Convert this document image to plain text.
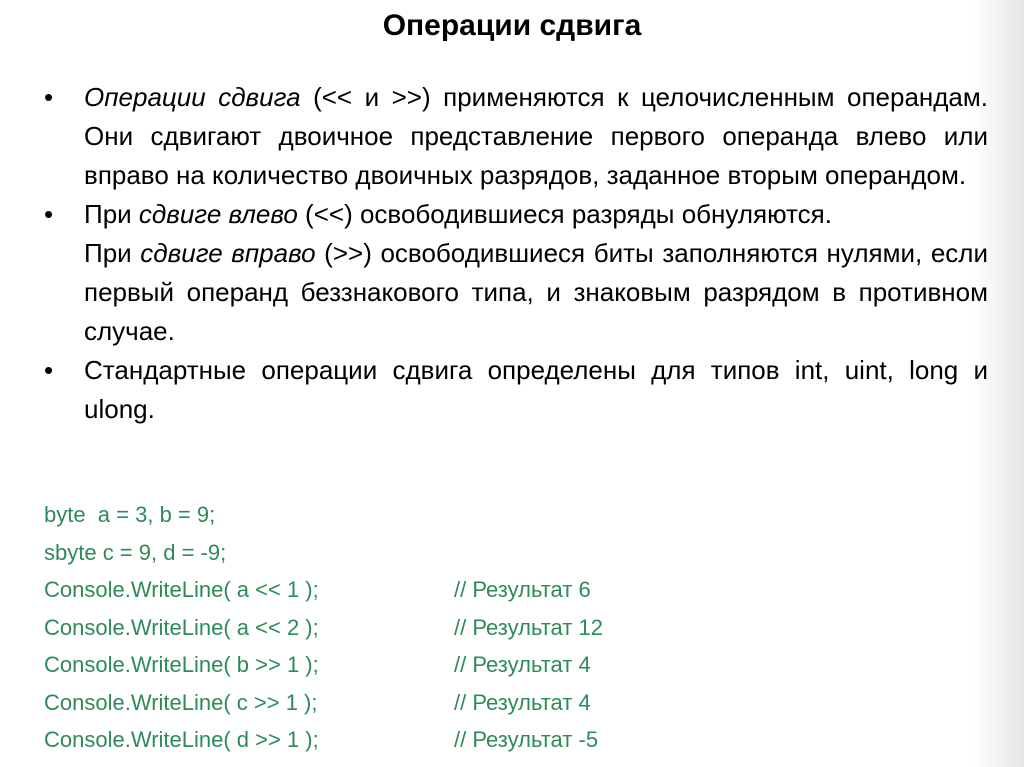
Операции сдвига
•	Операции сдвига (<< и >>) применяются к целочисленным операндам. Они сдвигают двоичное представление первого операнда влево или вправо на количество двоичных разрядов, заданное вторым операндом.
•	При сдвиге влево (<<) освободившиеся разряды обнуляются.
При сдвиге вправо (>>) освободившиеся биты заполняются нулями, если первый операнд беззнакового типа, и знаковым разрядом в противном случае.
•	Стандартные операции сдвига определены для типов int, uint, long и ulong.
byte  a = 3, b = 9;
sbyte c = 9, d = -9;
Console.WriteLine( a << 1 );	// Результат 6
Console.WriteLine( a << 2 );	// Результат 12
Console.WriteLine( b >> 1 );	// Результат 4
Console.WriteLine( c >> 1 );	// Результат 4
Console.WriteLine( d >> 1 );	// Результат -5
